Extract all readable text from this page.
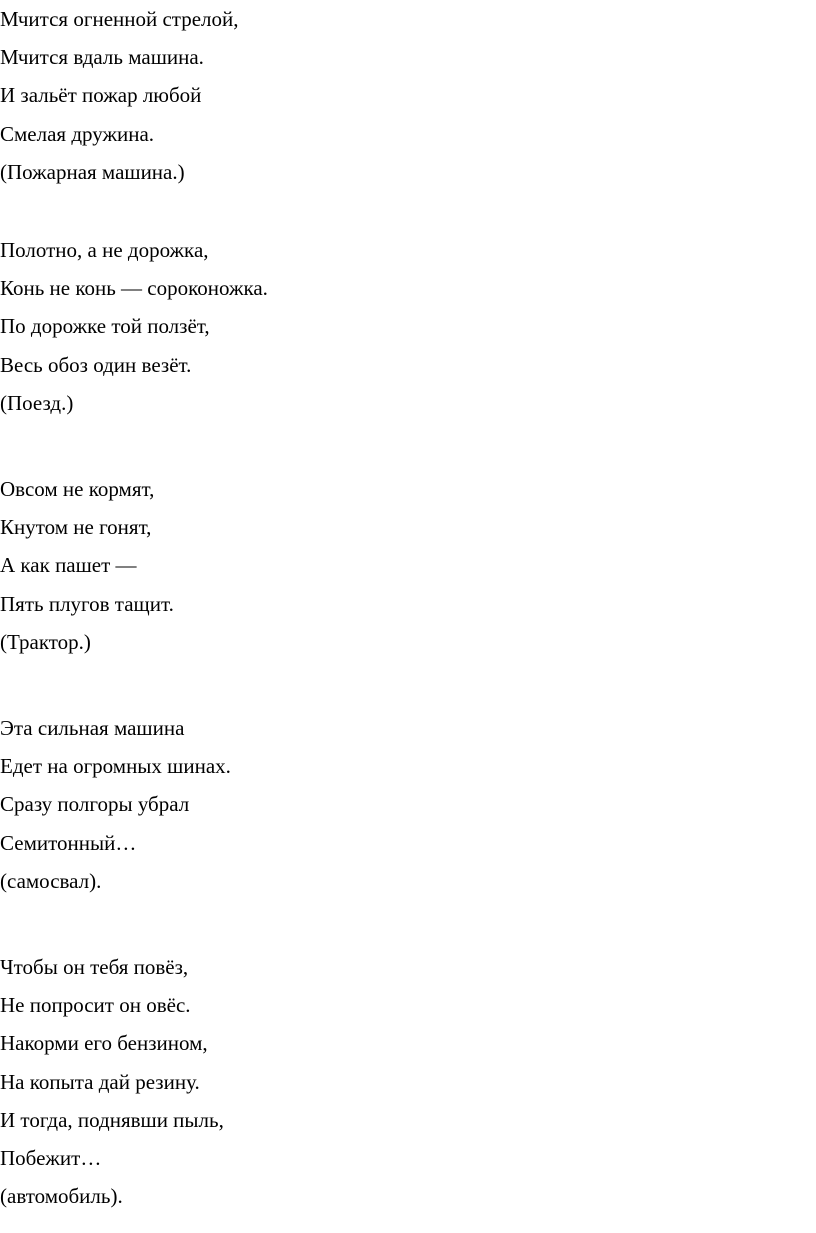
Мчится огненной стрелой,
Мчится вдаль машина.
И зальёт пожар любой
Смелая дружина.
(Пожарная машина.)
Полотно, а не дорожка,
Конь не конь — сороконожка.
По дорожке той ползёт,
Весь обоз один везёт.
(Поезд.)
Овсом не кормят,
Кнутом не гонят,
А как пашет —
Пять плугов тащит.
(Трактор.)
Эта сильная машина
Едет на огромных шинах.
Сразу полгоры убрал
Семитонный…
(самосвал).
Чтобы он тебя повёз,
Не попросит он овёс.
Накорми его бензином,
На копыта дай резину.
И тогда, поднявши пыль,
Побежит…
(автомобиль).
